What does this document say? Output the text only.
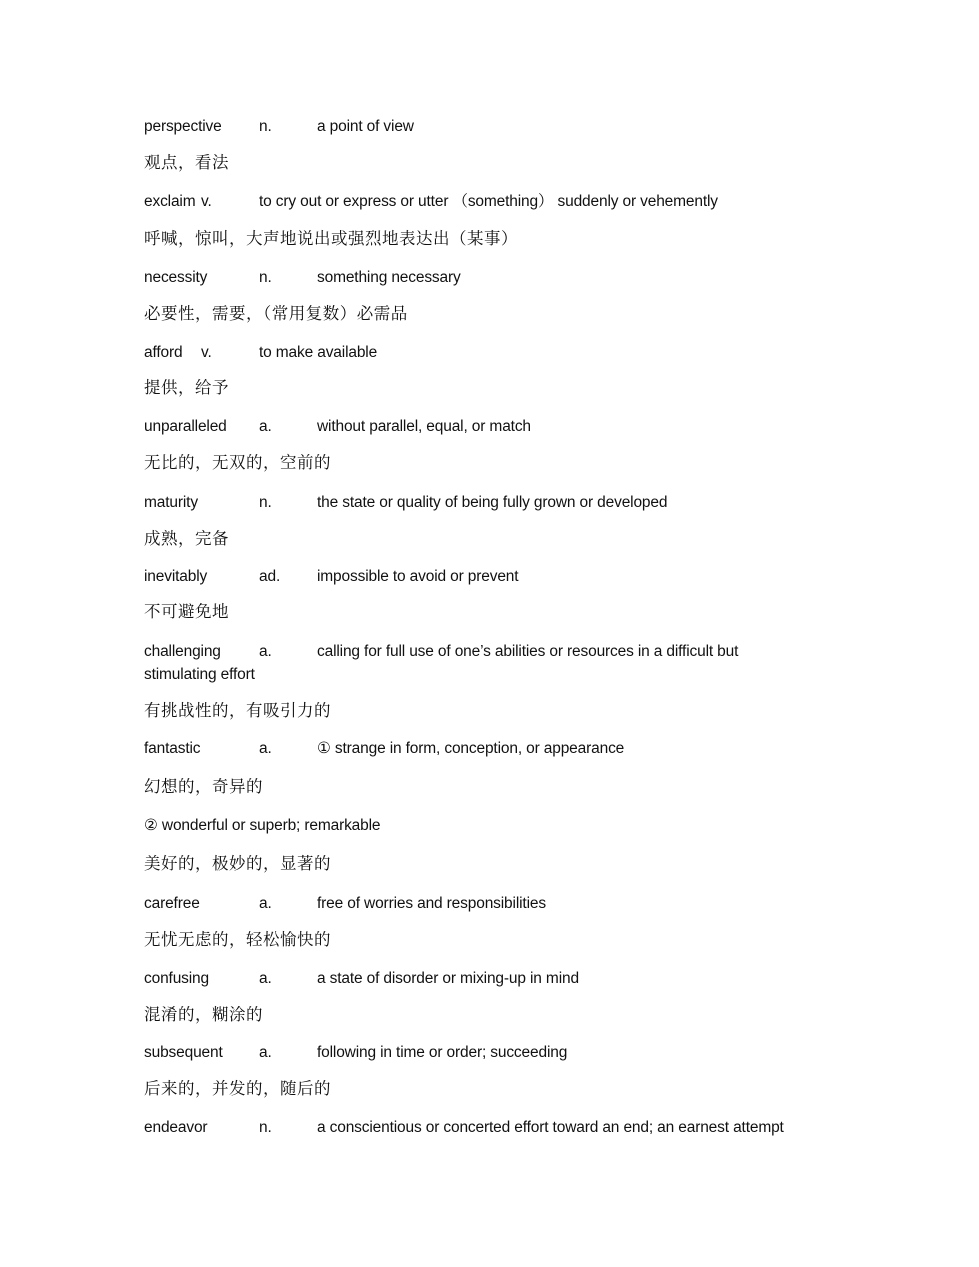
perspective n.	a point of view
观点，看法
exclaim v.	to cry out or express or utter （something） suddenly or vehemently
呼喊，惊叫，大声地说出或强烈地表达出（某事）
necessity	n.	something necessary
必要性，需要，（常用复数）必需品
afford v.	to make available
提供，给予
unparalleled a.	without parallel, equal, or match
无比的，无双的，空前的
maturity	n.	the state or quality of being fully grown or developed
成熟，完备
inevitably	ad. impossible to avoid or prevent
不可避免地
challenging a.	calling for full use of one’s abilities or resources in a difficult but
stimulating effort
有挑战性的，有吸引力的
fantastic	a.	① strange in form, conception, or appearance
幻想的，奇异的
② wonderful or superb; remarkable
美好的，极妙的，显著的
carefree	a.	free of worries and responsibilities
无忧无虑的，轻松愉快的
confusing	a.	a state of disorder or mixing-up in mind
混淆的，糊涂的
subsequent a.	following in time or order; succeeding
后来的，并发的，随后的
endeavor	n.	a conscientious or concerted effort toward an end; an earnest attempt
